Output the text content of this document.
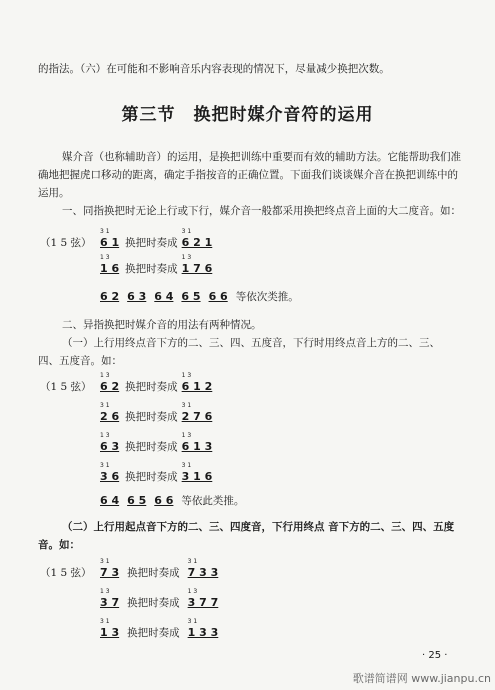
的指法。（六）在可能和不影响音乐内容表现的情况下，尽量减少换把次数。
第三节　换把时媒介音符的运用
媒介音（也称辅助音）的运用，是换把训练中重要而有效的辅助方法。它能帮助我们准
确地把握虎口移动的距离，确定手指按音的正确位置。下面我们谈谈媒介音在换把训练中的
运用。
一、同指换把时无论上行或下行，媒介音一般都采用换把终点音上面的大二度音。如：
（1 5 弦）
3 1
6 1 换把时奏成
3 1
6 2 1
1 3
1 6 换把时奏成
1 3
1 7 6
6 2 6 3 6 4 6 5 6 6 等依次类推。
二、异指换把时媒介音的用法有两种情况。
（一）上行用终点音下方的二、三、四、五度音，下行时用终点音上方的二、三、
四、五度音。如：
（1 5 弦）
1 3
6 2 换把时奏成
1 3
6 1 2
3 1
2 6 换把时奏成
3 1
2 7 6
1 3
6 3 换把时奏成
1 3
6 1 3
3 1
3 6 换把时奏成
3 1
3 1 6
6 4 6 5 6 6 等依此类推。
（二）上行用起点音下方的二、三、四度音，下行用终点 音下方的二、三、四、五度
音。如：
（1 5 弦）
3 1
7 3 换把时奏成
3 1
7 3 3
1 3
3 7 换把时奏成
1 3
3 7 7
3 1
1 3 换把时奏成
3 1
1 3 3
· 25 ·
歌谱简谱网 www.jianpu.cn
